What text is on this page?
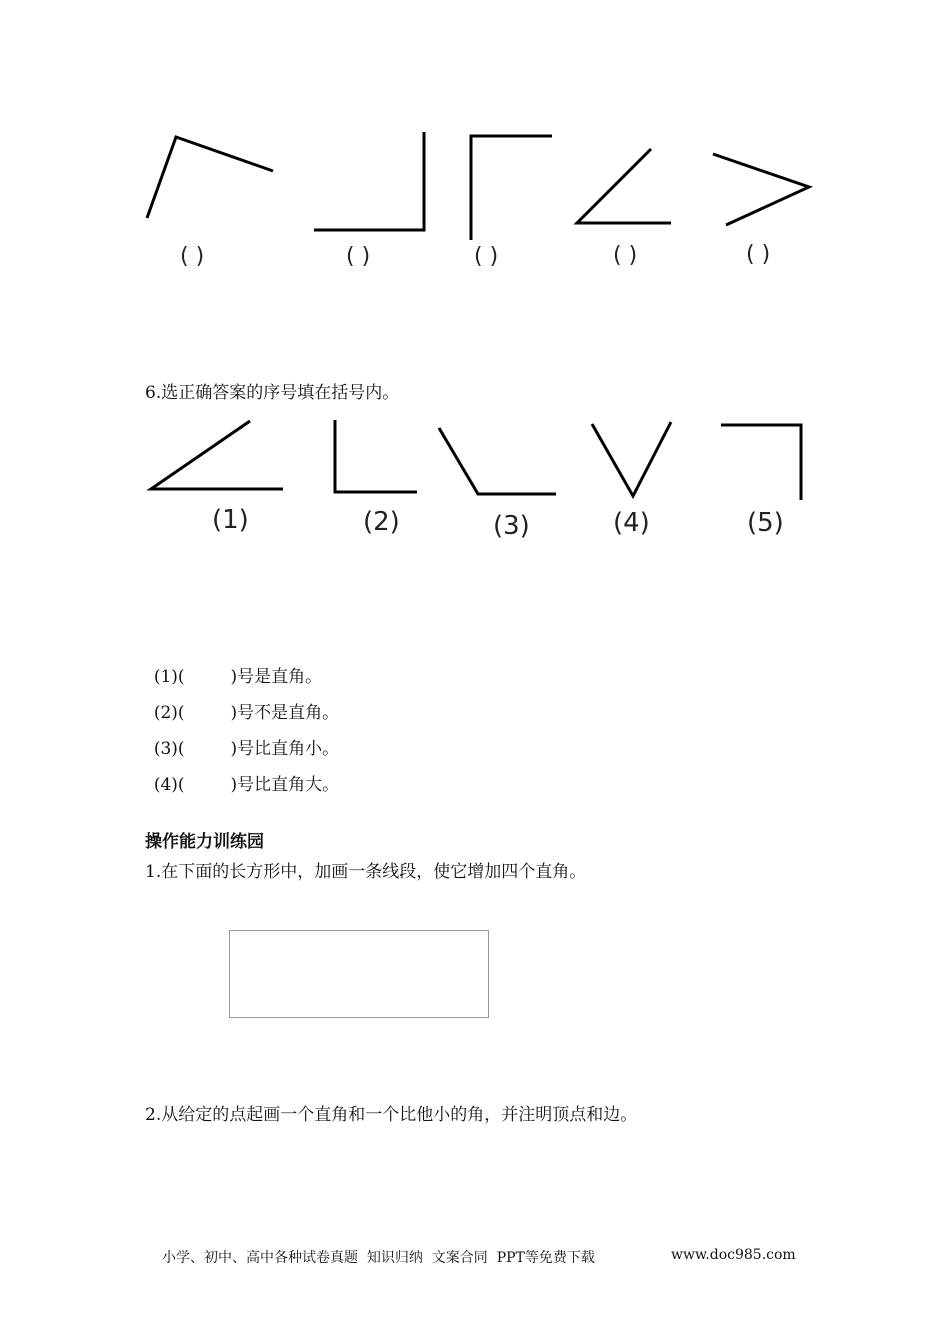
( )	( )	( )	( )	( )
6.选正确答案的序号填在括号内。
(1)	(2)	(3)	(4)	(5)

(1)(	)号是直角。

(2)(	)号不是直角。

(3)(	)号比直角小。

(4)(	)号比直角大。

操作能力训练园
1.在下面的长方形中，加画一条线段，使它增加四个直角。
2.从给定的点起画一个直角和一个比他小的角，并注明顶点和边。
小学、初中、高中各种试卷真题  知识归纳  文案合同  PPT等免费下载	www.doc985.com
